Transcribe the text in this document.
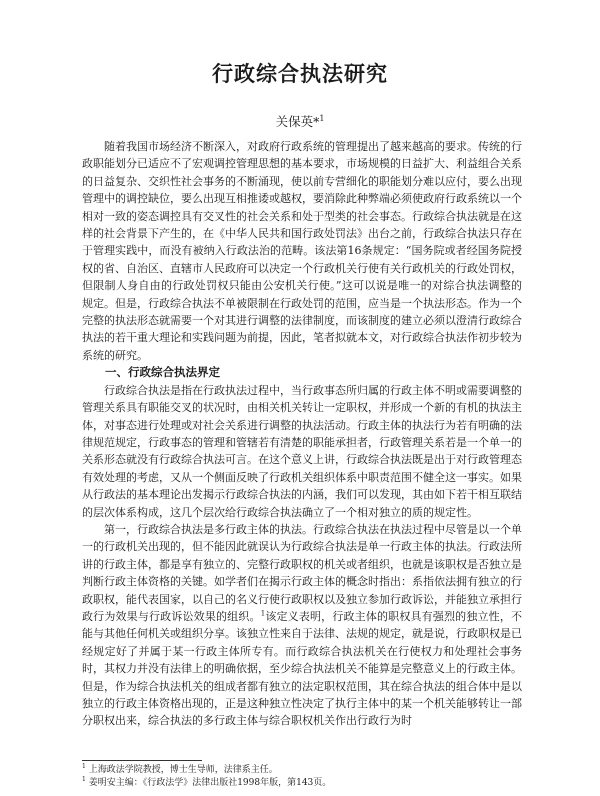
行政综合执法研究
关保英*$^1$

随着我国市场经济不断深入，对政府行政系统的管理提出了越来越高的要求。传统的行政职能划分已适应不了宏观调控管理思想的基本要求，市场规模的日益扩大、利益组合关系的日益复杂、交织性社会事务的不断涌现，使以前专营细化的职能划分难以应付，要么出现管理中的调控缺位，要么出现互相推诿或越权，要消除此种弊端必须使政府行政系统以一个相对一致的姿态调控具有交叉性的社会关系和处于型类的社会事态。行政综合执法就是在这样的社会背景下产生的，在《中华人民共和国行政处罚法》出台之前，行政综合执法只存在于管理实践中，而没有被纳入行政法治的范畴。该法第16条规定：“国务院或者经国务院授权的省、自治区、直辖市人民政府可以决定一个行政机关行使有关行政机关的行政处罚权，但限制人身自由的行政处罚权只能由公安机关行使。”这可以说是唯一的对综合执法调整的规定。但是，行政综合执法不单被限制在行政处罚的范围，应当是一个执法形态。作为一个完整的执法形态就需要一个对其进行调整的法律制度，而该制度的建立必须以澄清行政综合执法的若干重大理论和实践问题为前提，因此，笔者拟就本文，对行政综合执法作初步较为系统的研究。

一、行政综合执法界定

行政综合执法是指在行政执法过程中，当行政事态所归属的行政主体不明或需要调整的管理关系具有职能交叉的状况时，由相关机关转让一定职权，并形成一个新的有机的执法主体，对事态进行处理或对社会关系进行调整的执法活动。行政主体的执法行为若有明确的法律规范规定，行政事态的管理和管辖若有清楚的职能承担者，行政管理关系若是一个单一的关系形态就没有行政综合执法可言。在这个意义上讲，行政综合执法既是出于对行政管理态有效处理的考虑，又从一个侧面反映了行政机关组织体系中职责范围不健全这一事实。如果从行政法的基本理论出发揭示行政综合执法的内涵，我们可以发现，其由如下若干相互联结的层次体系构成，这几个层次给行政综合执法确立了一个相对独立的质的规定性。

第一，行政综合执法是多行政主体的执法。行政综合执法在执法过程中尽管是以一个单一的行政机关出现的，但不能因此就误认为行政综合执法是单一行政主体的执法。行政法所讲的行政主体，都是享有独立的、完整行政职权的机关或者组织，也就是该职权是否独立是判断行政主体资格的关键。如学者们在揭示行政主体的概念时指出：系指依法拥有独立的行政职权，能代表国家，以自己的名义行使行政职权以及独立参加行政诉讼，并能独立承担行政行为效果与行政诉讼效果的组织。$^1$该定义表明，行政主体的职权具有强烈的独立性，不能与其他任何机关或组织分享。该独立性来自于法律、法规的规定，就是说，行政职权是已经规定好了并属于某一行政主体所专有。而行政综合执法机关在行使权力和处理社会事务时，其权力并没有法律上的明确依据，至少综合执法机关不能算是完整意义上的行政主体。但是，作为综合执法机关的组成者都有独立的法定职权范围，其在综合执法的组合体中是以独立的行政主体资格出现的，正是这种独立性决定了执行主体中的某一个机关能够转让一部分职权出来，综合执法的多行政主体与综合职权机关作出行政行为时

$^1$ 上海政法学院教授，博士生导师，法律系主任。
$^1$ 姜明安主编：《行政法学》法律出版社1998年版，第143页。
